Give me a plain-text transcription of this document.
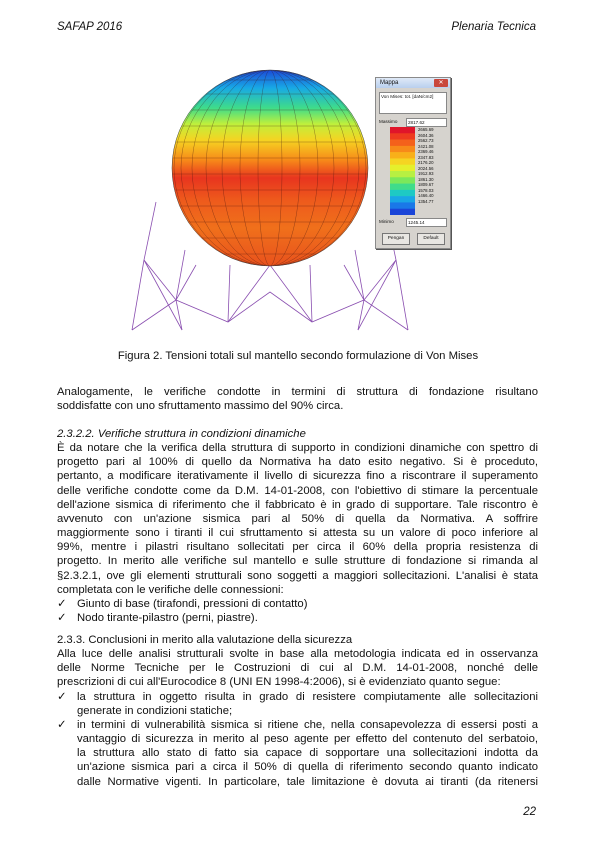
SAFAP 2016	Plenaria Tecnica
Mappa	✕
Von Mises: tot. [daN/cm2]
Massimo	2817.62
2665.69
2604.36
2562.73
2421.08
2369.46
2347.83
2176.20
2024.56
1912.93
1861.30
1809.67
1578.03
1466.40
1354.77
Minimo	1245.14
Pengan	Default
Figura 2. Tensioni totali sul mantello secondo formulazione di Von Mises
Analogamente, le verifiche condotte in termini di struttura di fondazione risultano
soddisfatte con uno sfruttamento massimo del 90% circa.
2.3.2.2. Verifiche struttura in condizioni dinamiche
È da notare che la verifica della struttura di supporto in condizioni dinamiche con spettro di
progetto pari al 100% di quello da Normativa ha dato esito negativo. Si è proceduto,
pertanto, a modificare iterativamente il livello di sicurezza fino a riscontrare il superamento
delle verifiche condotte come da D.M. 14-01-2008, con l'obiettivo di stimare la percentuale
dell'azione sismica di riferimento che il fabbricato è in grado di supportare. Tale riscontro è
avvenuto con un'azione sismica pari al 50% di quella da Normativa. A soffrire
maggiormente sono i tiranti il cui sfruttamento si attesta su un valore di poco inferiore al
99%, mentre i pilastri risultano sollecitati per circa il 60% della propria resistenza di
progetto. In merito alle verifiche sul mantello e sulle strutture di fondazione si rimanda al
§2.3.2.1, ove gli elementi strutturali sono soggetti a maggiori sollecitazioni. L'analisi è stata
completata con le verifiche delle connessioni:
✓ Giunto di base (tirafondi, pressioni di contatto)
✓ Nodo tirante-pilastro (perni, piastre).
2.3.3. Conclusioni in merito alla valutazione della sicurezza
Alla luce delle analisi strutturali svolte in base alla metodologia indicata ed in osservanza
delle Norme Tecniche per le Costruzioni di cui al D.M. 14-01-2008, nonché delle
prescrizioni di cui all'Eurocodice 8 (UNI EN 1998-4:2006), si è evidenziato quanto segue:
✓ la struttura in oggetto risulta in grado di resistere compiutamente alle sollecitazioni
generate in condizioni statiche;
✓ in termini di vulnerabilità sismica si ritiene che, nella consapevolezza di essersi posti a
vantaggio di sicurezza in merito al peso agente per effetto del contenuto del serbatoio,
la struttura allo stato di fatto sia capace di sopportare una sollecitazioni indotta da
un'azione sismica pari a circa il 50% di quella di riferimento secondo quanto indicato
dalle Normative vigenti. In particolare, tale limitazione è dovuta ai tiranti (da ritenersi
22
